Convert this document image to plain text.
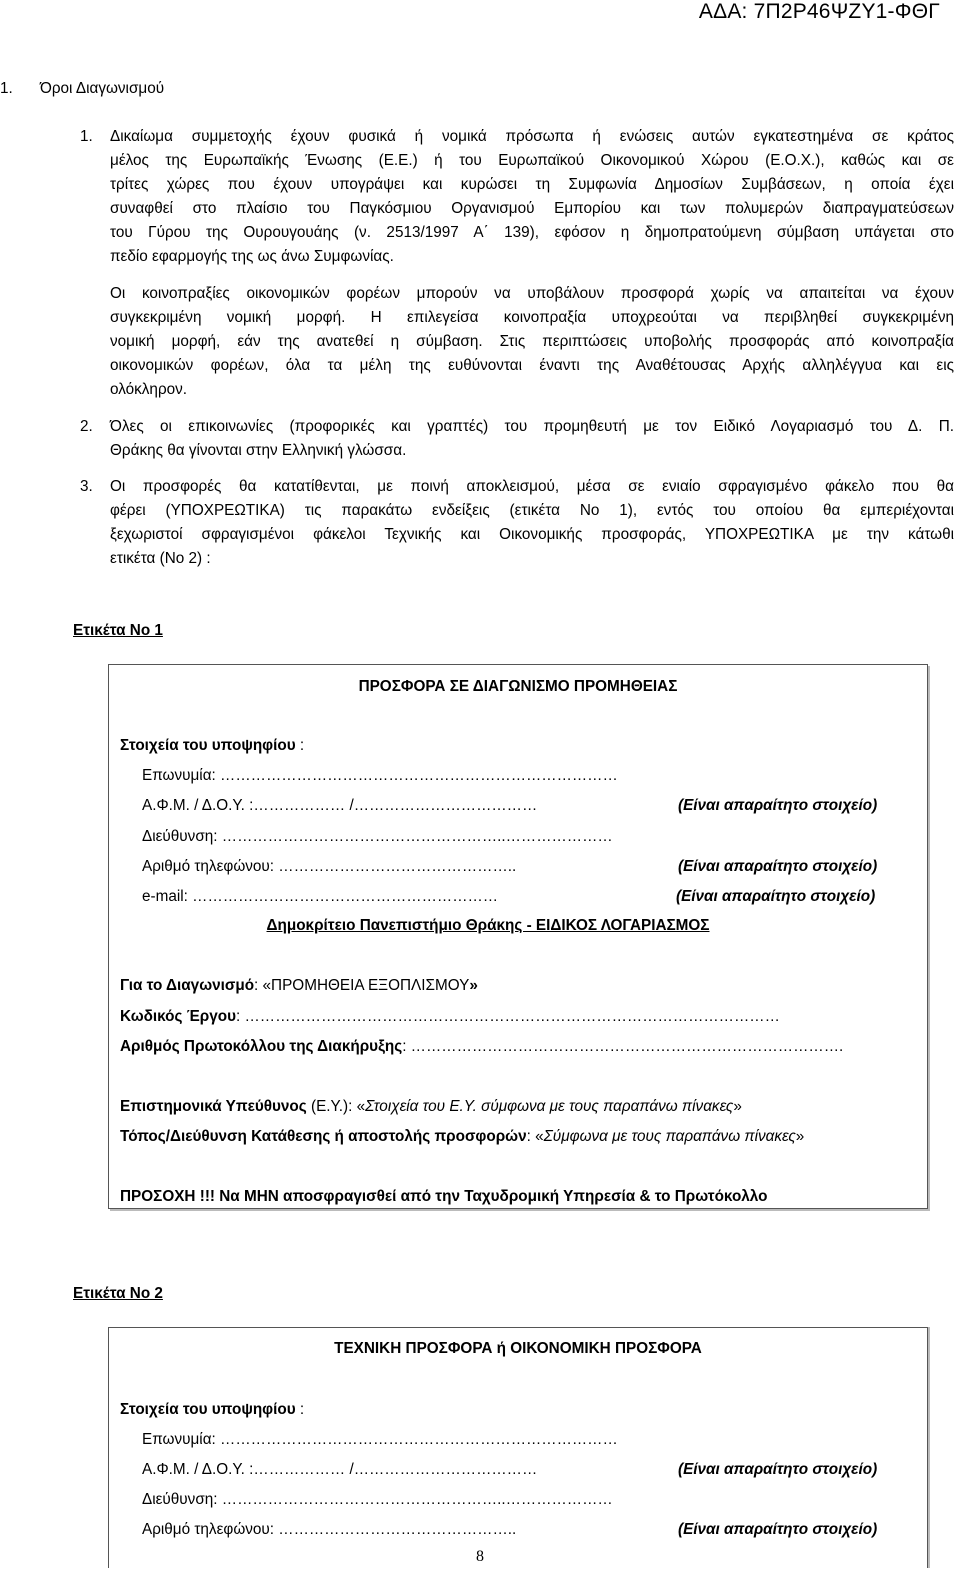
ΑΔΑ: 7Π2Ρ46ΨΖΥ1-ΦΘΓ
1. Όροι Διαγωνισμού
1. Δικαίωμα συμμετοχής έχουν φυσικά ή νομικά πρόσωπα ή ενώσεις αυτών εγκατεστημένα σε κράτος
μέλος της Ευρωπαϊκής Ένωσης (Ε.Ε.) ή του Ευρωπαϊκού Οικονομικού Χώρου (Ε.Ο.Χ.), καθώς και σε
τρίτες χώρες που έχουν υπογράψει και κυρώσει τη Συμφωνία Δημοσίων Συμβάσεων, η οποία έχει
συναφθεί στο πλαίσιο του Παγκόσμιου Οργανισμού Εμπορίου και των πολυμερών διαπραγματεύσεων
του Γύρου της Ουρουγουάης (ν. 2513/1997 Α΄ 139), εφόσον η δημοπρατούμενη σύμβαση υπάγεται στο
πεδίο εφαρμογής της ως άνω Συμφωνίας.
Οι κοινοπραξίες οικονομικών φορέων μπορούν να υποβάλουν προσφορά χωρίς να απαιτείται να έχουν
συγκεκριμένη νομική μορφή. Η επιλεγείσα κοινοπραξία υποχρεούται να περιβληθεί συγκεκριμένη
νομική μορφή, εάν της ανατεθεί η σύμβαση. Στις περιπτώσεις υποβολής προσφοράς από κοινοπραξία
οικονομικών φορέων, όλα τα μέλη της ευθύνονται έναντι της Αναθέτουσας Αρχής αλληλέγγυα και εις
ολόκληρον.
2. Όλες οι επικοινωνίες (προφορικές και γραπτές) του προμηθευτή με τον Ειδικό Λογαριασμό του Δ. Π.
Θράκης θα γίνονται στην Ελληνική γλώσσα.
3. Οι προσφορές θα κατατίθενται, με ποινή αποκλεισμού, μέσα σε ενιαίο σφραγισμένο φάκελο που θα
φέρει (ΥΠΟΧΡΕΩΤΙΚΑ) τις παρακάτω ενδείξεις (ετικέτα Νο 1), εντός του οποίου θα εμπεριέχονται
ξεχωριστοί σφραγισμένοι φάκελοι Τεχνικής και Οικονομικής προσφοράς, ΥΠΟΧΡΕΩΤΙΚΑ με την κάτωθι
ετικέτα (Νο 2) :
Ετικέτα Νο 1
ΠΡΟΣΦΟΡΑ ΣΕ ΔΙΑΓΩΝΙΣΜΟ ΠΡΟΜΗΘΕΙΑΣ
Στοιχεία του υποψηφίου :
Επωνυμία: ……………………………………………………………………
Α.Φ.Μ. / Δ.Ο.Υ. :……………… /………………………………	(Είναι απαραίτητο στοιχείο)
Διεύθυνση: ………………………………………………..…………………
Αριθμό τηλεφώνου: ………………………………………..	(Είναι απαραίτητο στοιχείο)
e-mail: ……………………………………………………	(Είναι απαραίτητο στοιχείο)
Δημοκρίτειο Πανεπιστήμιο Θράκης - ΕΙΔΙΚΟΣ ΛΟΓΑΡΙΑΣΜΟΣ
Για το Διαγωνισμό: «ΠΡΟΜΗΘΕΙΑ ΕΞΟΠΛΙΣΜΟΥ»
Κωδικός Έργου: ……………………………………………………………………………………………
Αριθμός Πρωτοκόλλου της Διακήρυξης: ………………………………………………………………………….
Επιστημονικά Υπεύθυνος (Ε.Υ.): «Στοιχεία του Ε.Υ. σύμφωνα με τους παραπάνω πίνακες»
Τόπος/Διεύθυνση Κατάθεσης ή αποστολής προσφορών: «Σύμφωνα με τους παραπάνω πίνακες»
ΠΡΟΣΟΧΗ !!! Να ΜΗΝ αποσφραγισθεί από την Ταχυδρομική Υπηρεσία & το Πρωτόκολλο
Ετικέτα Νο 2
ΤΕΧΝΙΚΗ ΠΡΟΣΦΟΡΑ ή ΟΙΚΟΝΟΜΙΚΗ ΠΡΟΣΦΟΡΑ
Στοιχεία του υποψηφίου :
Επωνυμία: ……………………………………………………………………
Α.Φ.Μ. / Δ.Ο.Υ. :……………… /………………………………	(Είναι απαραίτητο στοιχείο)
Διεύθυνση: ………………………………………………..…………………
Αριθμό τηλεφώνου: ………………………………………..	(Είναι απαραίτητο στοιχείο)
8
